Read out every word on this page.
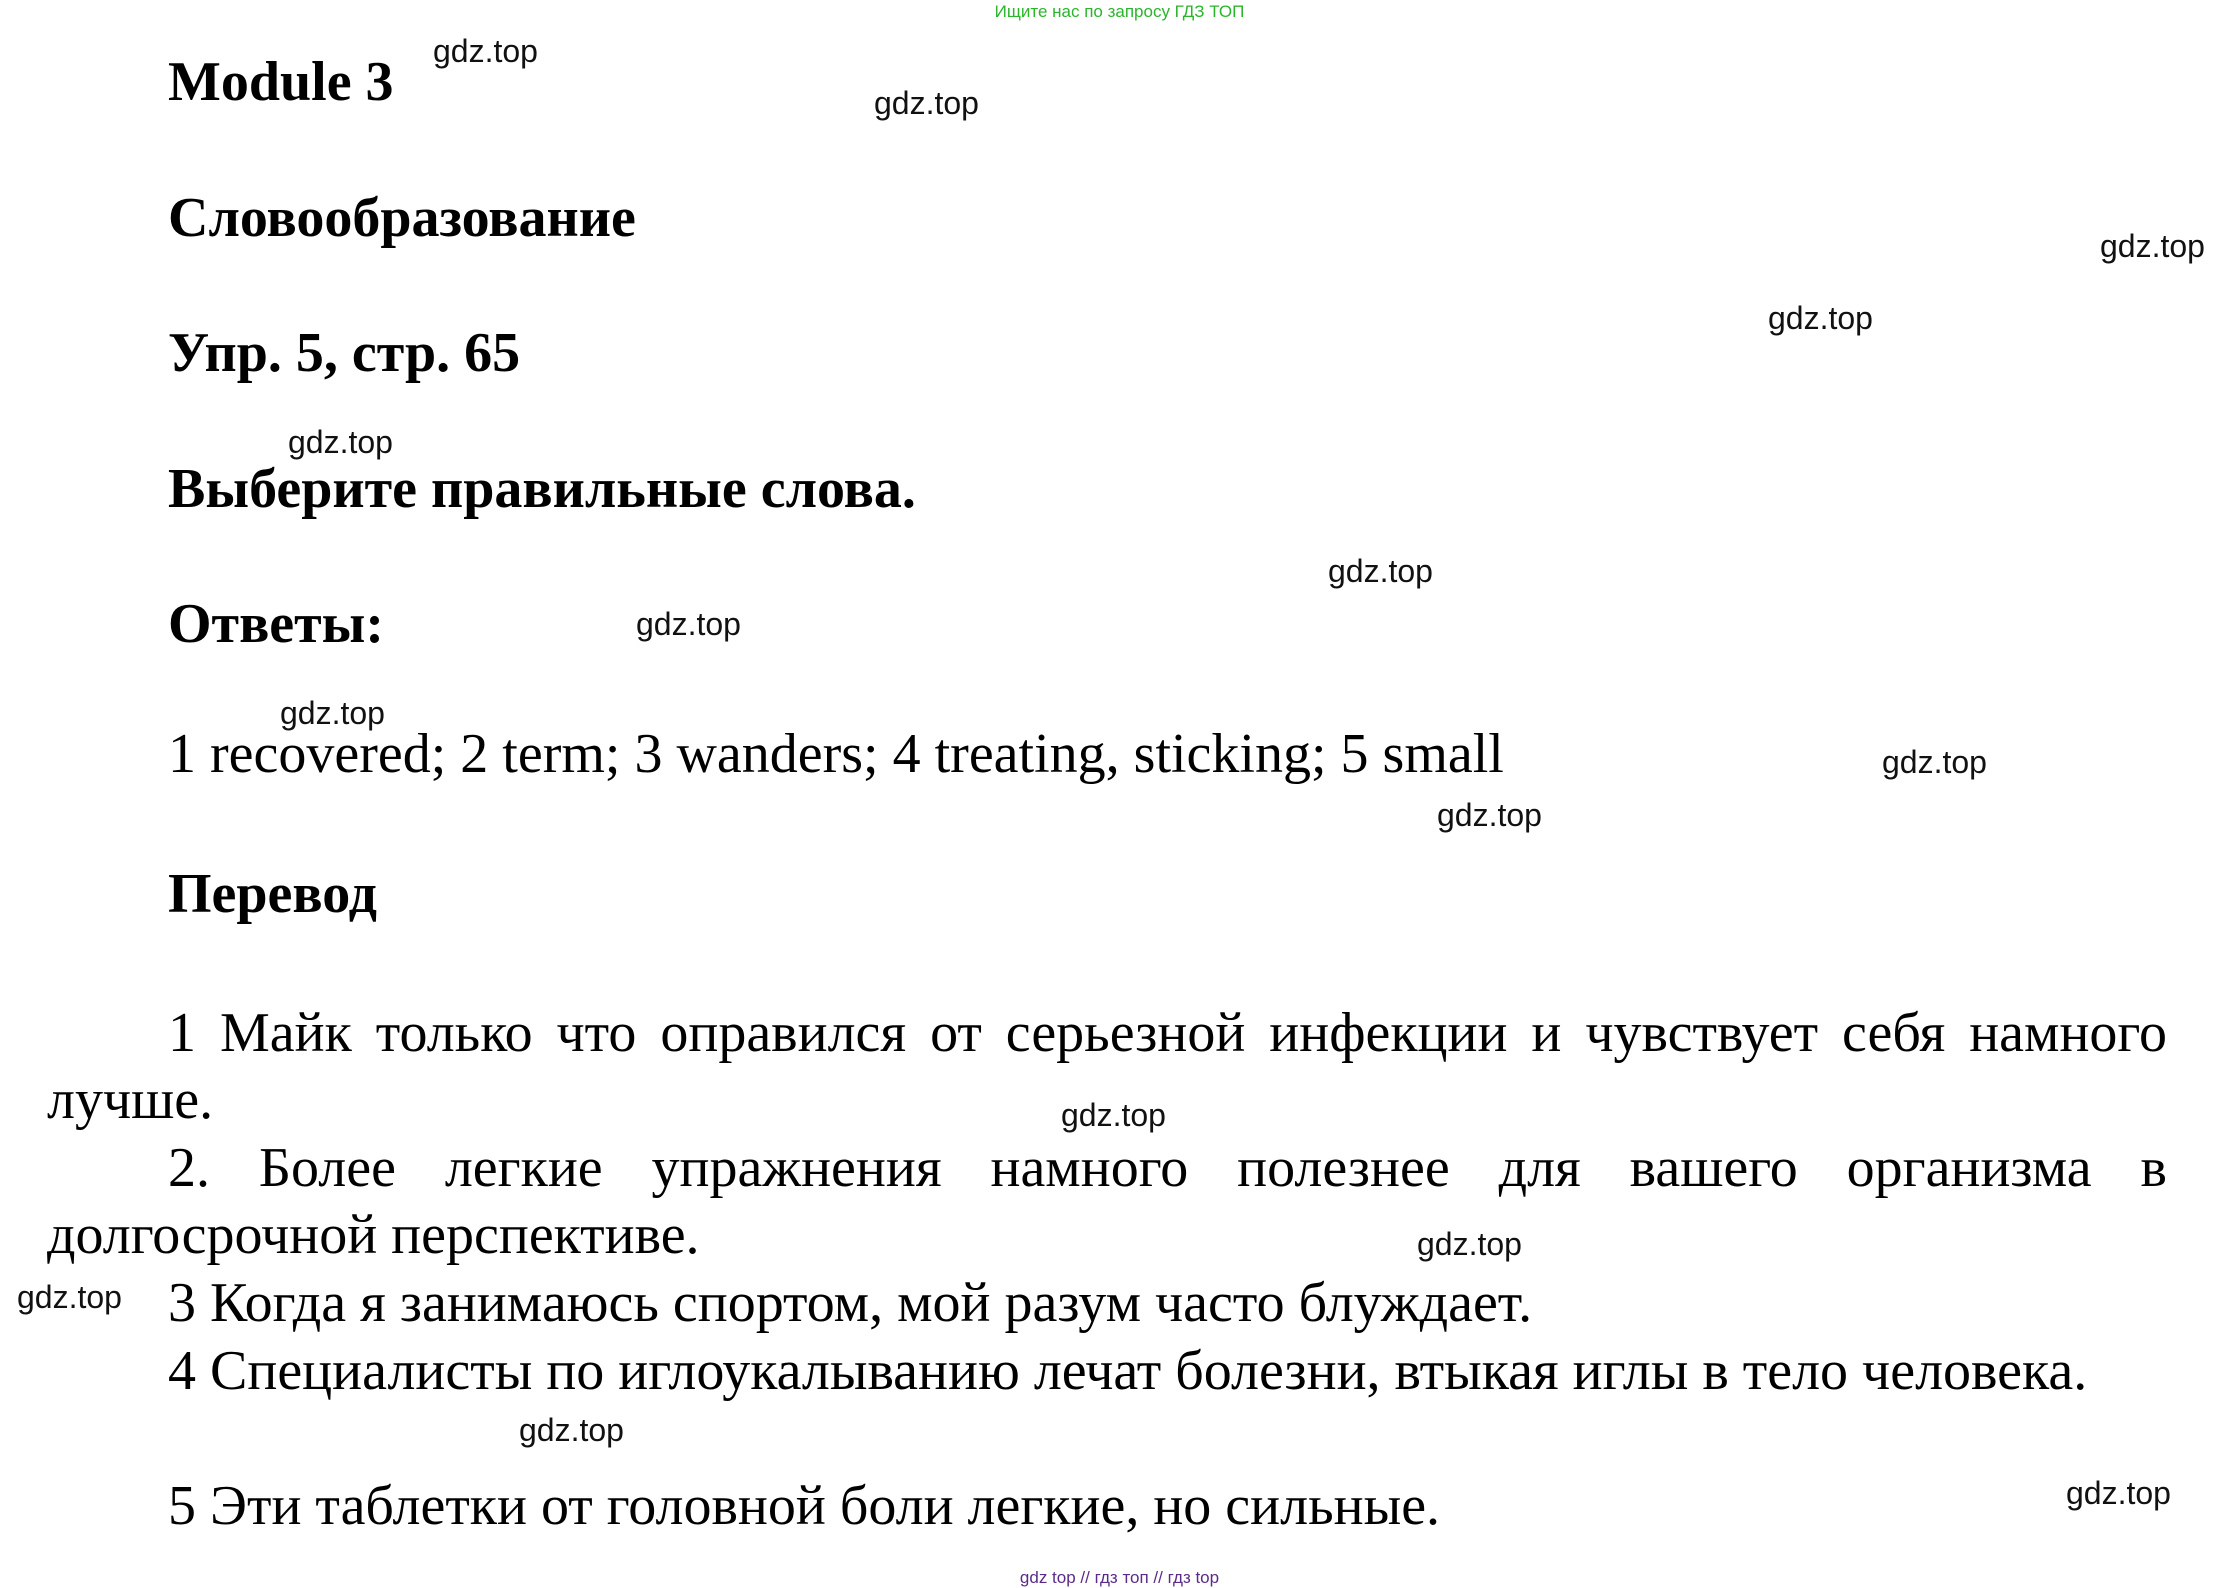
Ищите нас по запросу ГДЗ ТОП
Module 3
Словообразование
Упр. 5, стр. 65
Выберите правильные слова.
Ответы:
1 recovered; 2 term; 3 wanders; 4 treating, sticking; 5 small
Перевод
1 Майк только что оправился от серьезной инфекции и чувствует себя намного лучше.
2. Более легкие упражнения намного полезнее для вашего организма в долгосрочной перспективе.
3 Когда я занимаюсь спортом, мой разум часто блуждает.
4 Специалисты по иглоукалыванию лечат болезни, втыкая иглы в тело человека.
5 Эти таблетки от головной боли легкие, но сильные.
gdz.top
gdz.top
gdz.top
gdz.top
gdz.top
gdz.top
gdz.top
gdz.top
gdz.top
gdz.top
gdz.top
gdz.top
gdz.top
gdz.top
gdz.top
gdz top // гдз топ // гдз top
